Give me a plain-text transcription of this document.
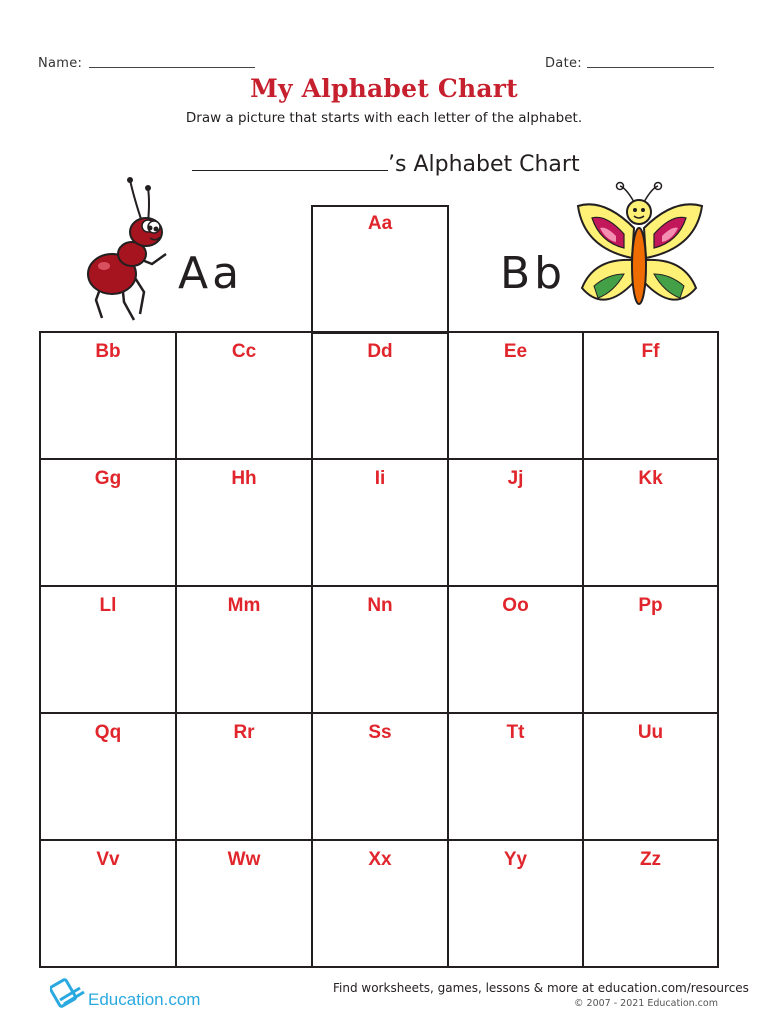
Name:	Date:
My Alphabet Chart
Draw a picture that starts with each letter of the alphabet.
’s Alphabet Chart
Aa	Bb
Aa
Bb	Cc	Dd	Ee	Ff
Gg	Hh	Ii	Jj	Kk
Ll	Mm	Nn	Oo	Pp
Qq	Rr	Ss	Tt	Uu
Vv	Ww	Xx	Yy	Zz
Education.com
Find worksheets, games, lessons & more at education.com/resources
© 2007 - 2021 Education.com
